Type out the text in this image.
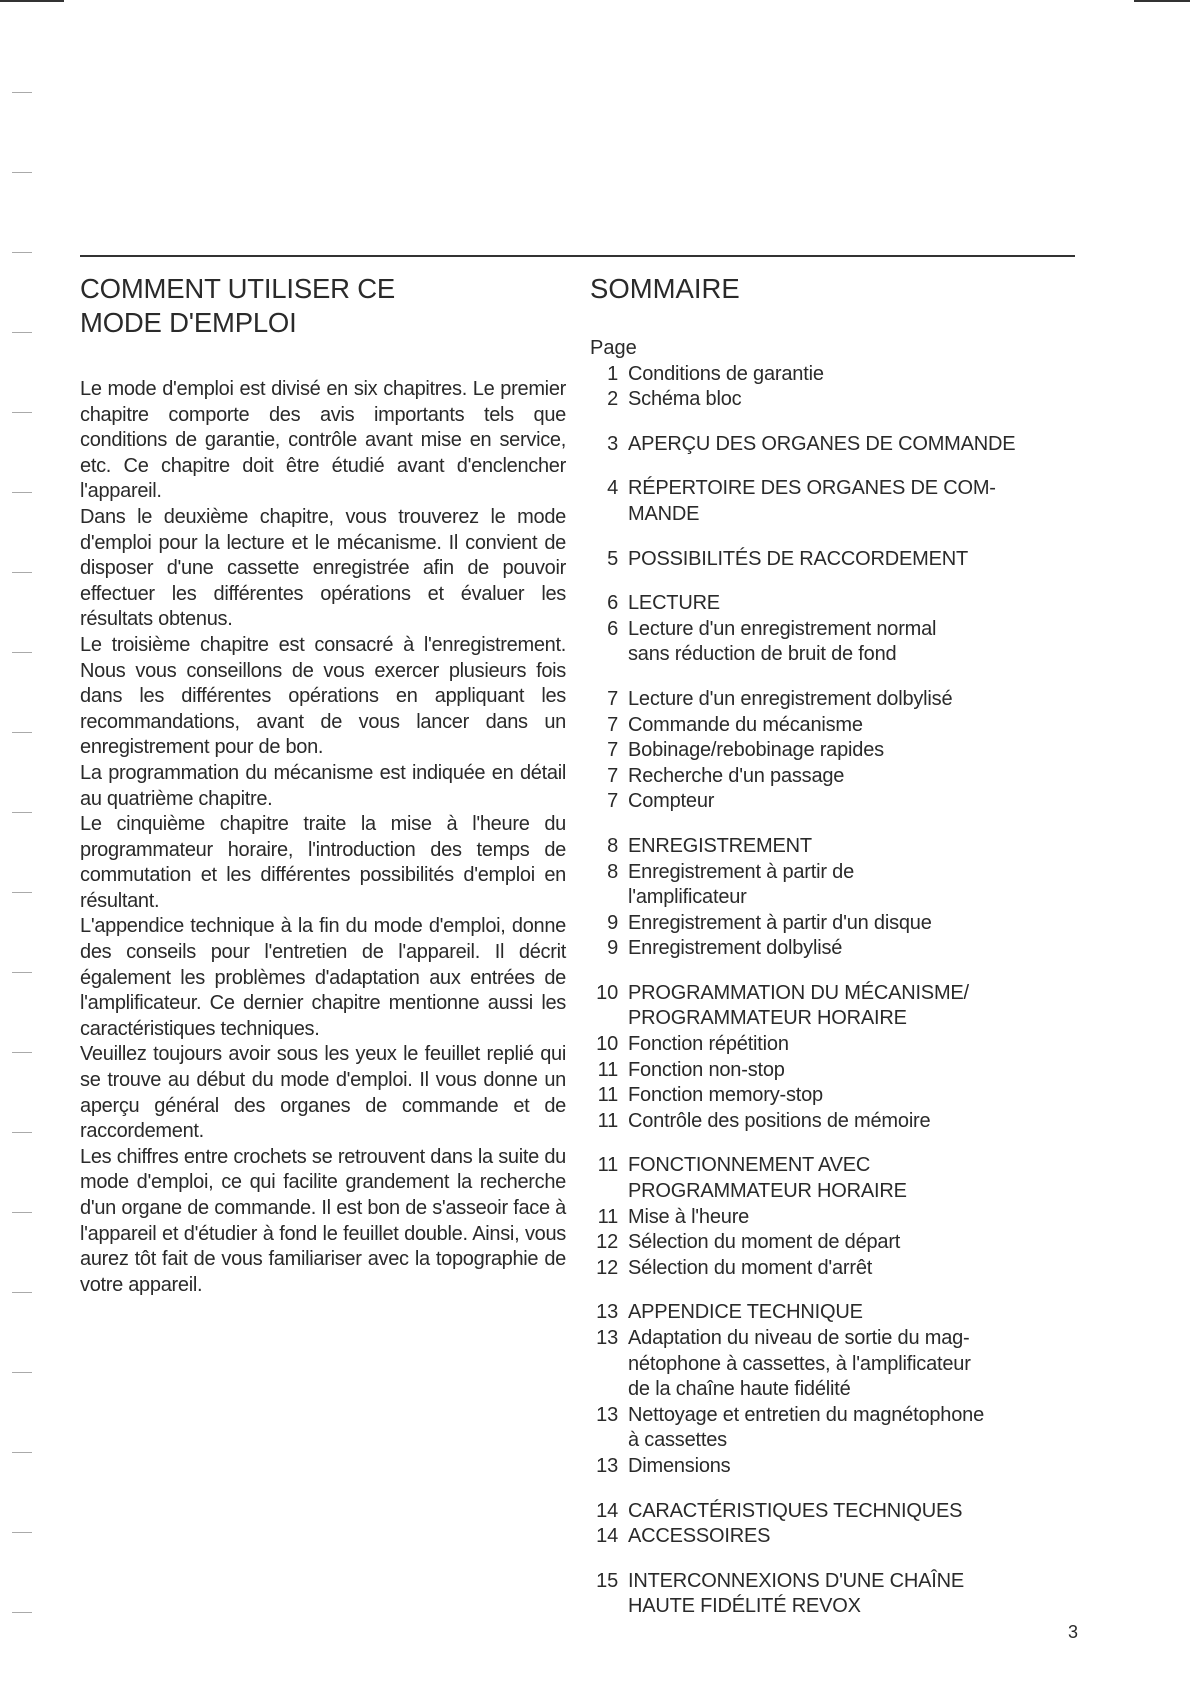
COMMENT UTILISER CE
MODE D'EMPLOI

Le mode d'emploi est divisé en six chapitres. Le premier chapitre comporte des avis importants tels que conditions de garantie, contrôle avant mise en service, etc. Ce chapitre doit être étudié avant d'enclencher l'appareil.

Dans le deuxième chapitre, vous trouverez le mode d'emploi pour la lecture et le mécanisme. Il convient de disposer d'une cassette enregistrée afin de pouvoir effectuer les différentes opérations et évaluer les résultats obtenus.

Le troisième chapitre est consacré à l'enregistrement. Nous vous conseillons de vous exercer plusieurs fois dans les différentes opérations en appliquant les recommandations, avant de vous lancer dans un enregistrement pour de bon.

La programmation du mécanisme est indiquée en détail au quatrième chapitre.

Le cinquième chapitre traite la mise à l'heure du programmateur horaire, l'introduction des temps de commutation et les différentes possibilités d'emploi en résultant.

L'appendice technique à la fin du mode d'emploi, donne des conseils pour l'entretien de l'appareil. Il décrit également les problèmes d'adaptation aux entrées de l'amplificateur. Ce dernier chapitre mentionne aussi les caractéristiques techniques.

Veuillez toujours avoir sous les yeux le feuillet replié qui se trouve au début du mode d'emploi. Il vous donne un aperçu général des organes de commande et de raccordement.

Les chiffres entre crochets se retrouvent dans la suite du mode d'emploi, ce qui facilite grandement la recherche d'un organe de commande. Il est bon de s'asseoir face à l'appareil et d'étudier à fond le feuillet double. Ainsi, vous aurez tôt fait de vous familiariser avec la topographie de votre appareil.

SOMMAIRE
Page
1 Conditions de garantie
2 Schéma bloc
3 APERÇU DES ORGANES DE COMMANDE
4 RÉPERTOIRE DES ORGANES DE COM-
MANDE
5 POSSIBILITÉS DE RACCORDEMENT
6 LECTURE
6 Lecture d'un enregistrement normal
sans réduction de bruit de fond
7 Lecture d'un enregistrement dolbylisé
7 Commande du mécanisme
7 Bobinage/rebobinage rapides
7 Recherche d'un passage
7 Compteur
8 ENREGISTREMENT
8 Enregistrement à partir de
l'amplificateur
9 Enregistrement à partir d'un disque
9 Enregistrement dolbylisé
10 PROGRAMMATION DU MÉCANISME/
PROGRAMMATEUR HORAIRE
10 Fonction répétition
11 Fonction non-stop
11 Fonction memory-stop
11 Contrôle des positions de mémoire
11 FONCTIONNEMENT AVEC
PROGRAMMATEUR HORAIRE
11 Mise à l'heure
12 Sélection du moment de départ
12 Sélection du moment d'arrêt
13 APPENDICE TECHNIQUE
13 Adaptation du niveau de sortie du mag-
nétophone à cassettes, à l'amplificateur
de la chaîne haute fidélité
13 Nettoyage et entretien du magnétophone
à cassettes
13 Dimensions
14 CARACTÉRISTIQUES TECHNIQUES
14 ACCESSOIRES
15 INTERCONNEXIONS D'UNE CHAÎNE
HAUTE FIDÉLITÉ REVOX
3
